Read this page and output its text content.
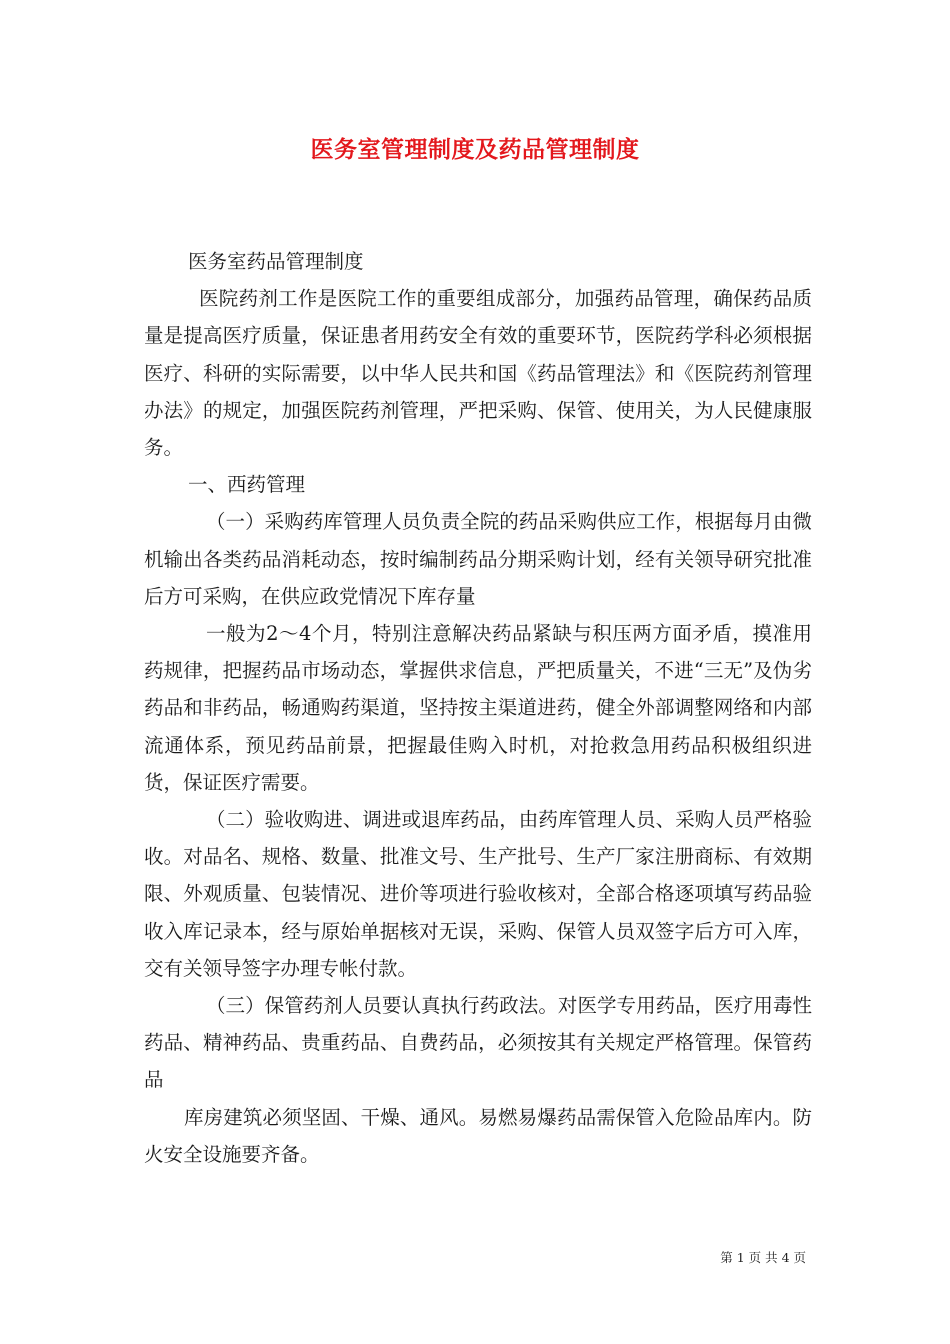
医务室管理制度及药品管理制度

医务室药品管理制度

医院药剂工作是医院工作的重要组成部分，加强药品管理，确保药品质量是提高医疗质量，保证患者用药安全有效的重要环节，医院药学科必须根据医疗、科研的实际需要，以中华人民共和国《药品管理法》和《医院药剂管理办法》的规定，加强医院药剂管理，严把采购、保管、使用关，为人民健康服务。

一、西药管理

（一）采购药库管理人员负责全院的药品采购供应工作，根据每月由微机输出各类药品消耗动态，按时编制药品分期采购计划，经有关领导研究批准后方可采购，在供应政党情况下库存量

一般为2～4个月，特别注意解决药品紧缺与积压两方面矛盾，摸准用药规律，把握药品市场动态，掌握供求信息，严把质量关，不进“三无”及伪劣药品和非药品，畅通购药渠道，坚持按主渠道进药，健全外部调整网络和内部流通体系，预见药品前景，把握最佳购入时机，对抢救急用药品积极组织进货，保证医疗需要。

（二）验收购进、调进或退库药品，由药库管理人员、采购人员严格验收。对品名、规格、数量、批准文号、生产批号、生产厂家注册商标、有效期限、外观质量、包装情况、进价等项进行验收核对，全部合格逐项填写药品验收入库记录本，经与原始单据核对无误，采购、保管人员双签字后方可入库，交有关领导签字办理专帐付款。

（三）保管药剂人员要认真执行药政法。对医学专用药品，医疗用毒性药品、精神药品、贵重药品、自费药品，必须按其有关规定严格管理。保管药品

库房建筑必须坚固、干燥、通风。易燃易爆药品需保管入危险品库内。防火安全设施要齐备。

第 1 页 共 4 页
